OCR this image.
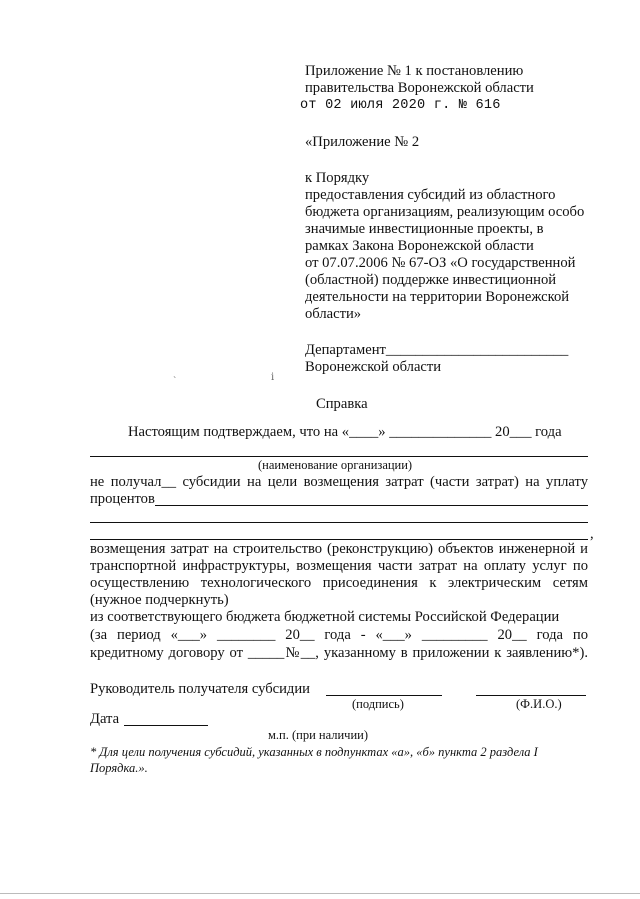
Приложение № 1 к постановлению
правительства Воронежской области
от 02 июля 2020 г. № 616
«Приложение № 2
к Порядку
предоставления субсидий из областного
бюджета организациям, реализующим особо
значимые инвестиционные проекты, в
рамках Закона Воронежской области
от 07.07.2006 № 67-ОЗ «О государственной
(областной) поддержке инвестиционной
деятельности на территории Воронежской
области»
Департамент_________________________
Воронежской области
`	ⅰ
Справка
Настоящим подтверждаем, что на «____» ______________ 20___ года
(наименование организации)
не получал__ субсидии на цели возмещения затрат (части затрат) на уплату
процентов
,
возмещения затрат на строительство (реконструкцию) объектов инженерной и
транспортной инфраструктуры, возмещения части затрат на оплату услуг по
осуществлению технологического присоединения к электрическим сетям
(нужное подчеркнуть)
из соответствующего бюджета бюджетной системы Российской Федерации
(за период «___» ________ 20__ года - «___» _________ 20__ года по
кредитному договору от _____№__, указанному в приложении к заявлению*).
Руководитель получателя субсидии
(подпись)	(Ф.И.О.)
Дата
м.п. (при наличии)
* Для цели получения субсидий, указанных в подпунктах «а», «б» пункта 2 раздела I
Порядка.».
